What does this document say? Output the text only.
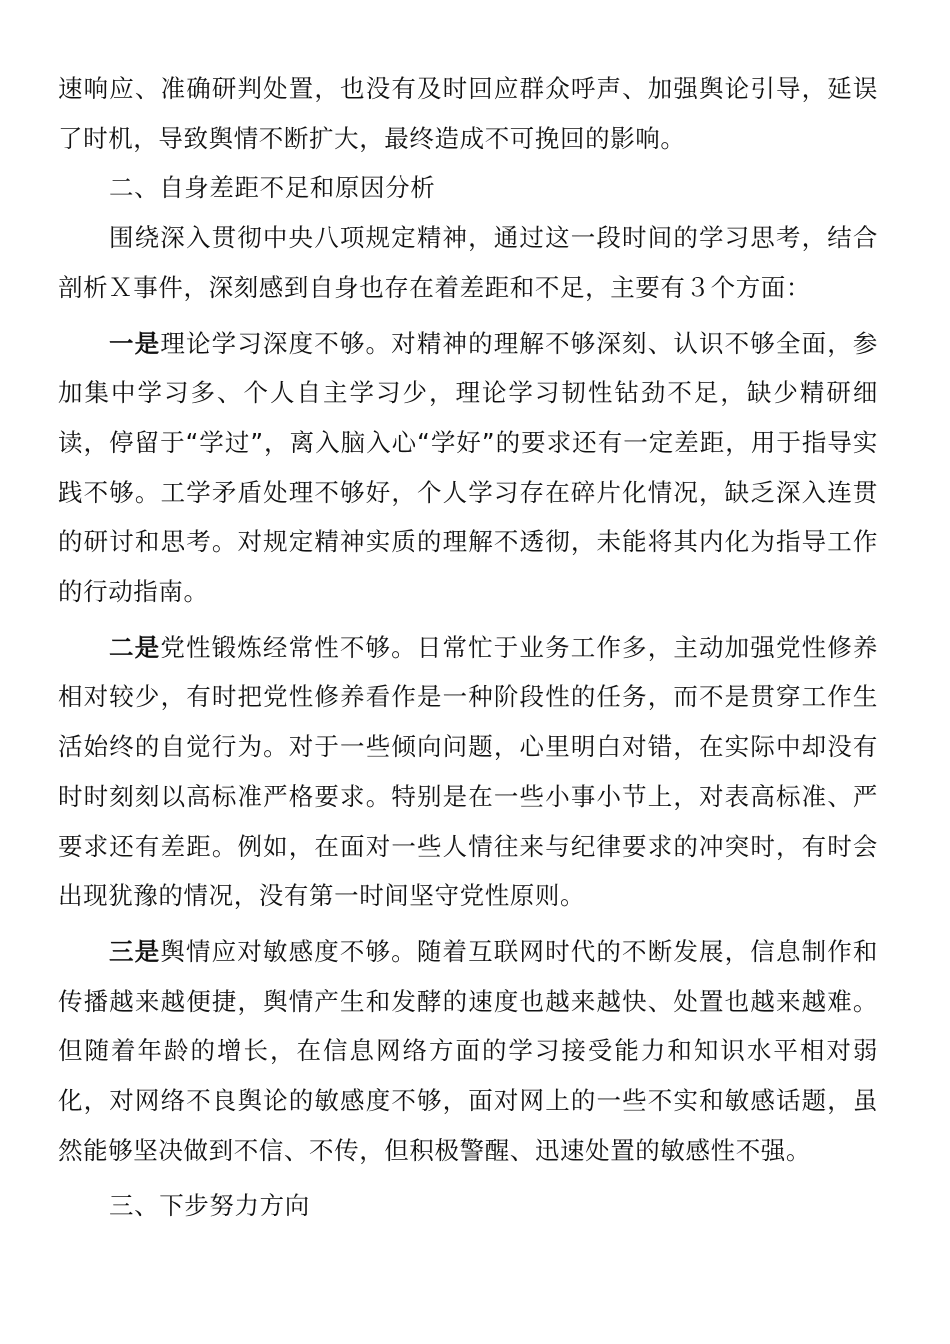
速响应、准确研判处置，也没有及时回应群众呼声、加强舆论引导，延误了时机，导致舆情不断扩大，最终造成不可挽回的影响。

二、自身差距不足和原因分析

围绕深入贯彻中央八项规定精神，通过这一段时间的学习思考，结合剖析Ｘ事件，深刻感到自身也存在着差距和不足，主要有３个方面：

一是理论学习深度不够。对精神的理解不够深刻、认识不够全面，参加集中学习多、个人自主学习少，理论学习韧性钻劲不足，缺少精研细读，停留于“学过”，离入脑入心“学好”的要求还有一定差距，用于指导实践不够。工学矛盾处理不够好，个人学习存在碎片化情况，缺乏深入连贯的研讨和思考。对规定精神实质的理解不透彻，未能将其内化为指导工作的行动指南。

二是党性锻炼经常性不够。日常忙于业务工作多，主动加强党性修养相对较少，有时把党性修养看作是一种阶段性的任务，而不是贯穿工作生活始终的自觉行为。对于一些倾向问题，心里明白对错，在实际中却没有时时刻刻以高标准严格要求。特别是在一些小事小节上，对表高标准、严要求还有差距。例如，在面对一些人情往来与纪律要求的冲突时，有时会出现犹豫的情况，没有第一时间坚守党性原则。

三是舆情应对敏感度不够。随着互联网时代的不断发展，信息制作和传播越来越便捷，舆情产生和发酵的速度也越来越快、处置也越来越难。但随着年龄的增长，在信息网络方面的学习接受能力和知识水平相对弱化，对网络不良舆论的敏感度不够，面对网上的一些不实和敏感话题，虽然能够坚决做到不信、不传，但积极警醒、迅速处置的敏感性不强。

三、下步努力方向
